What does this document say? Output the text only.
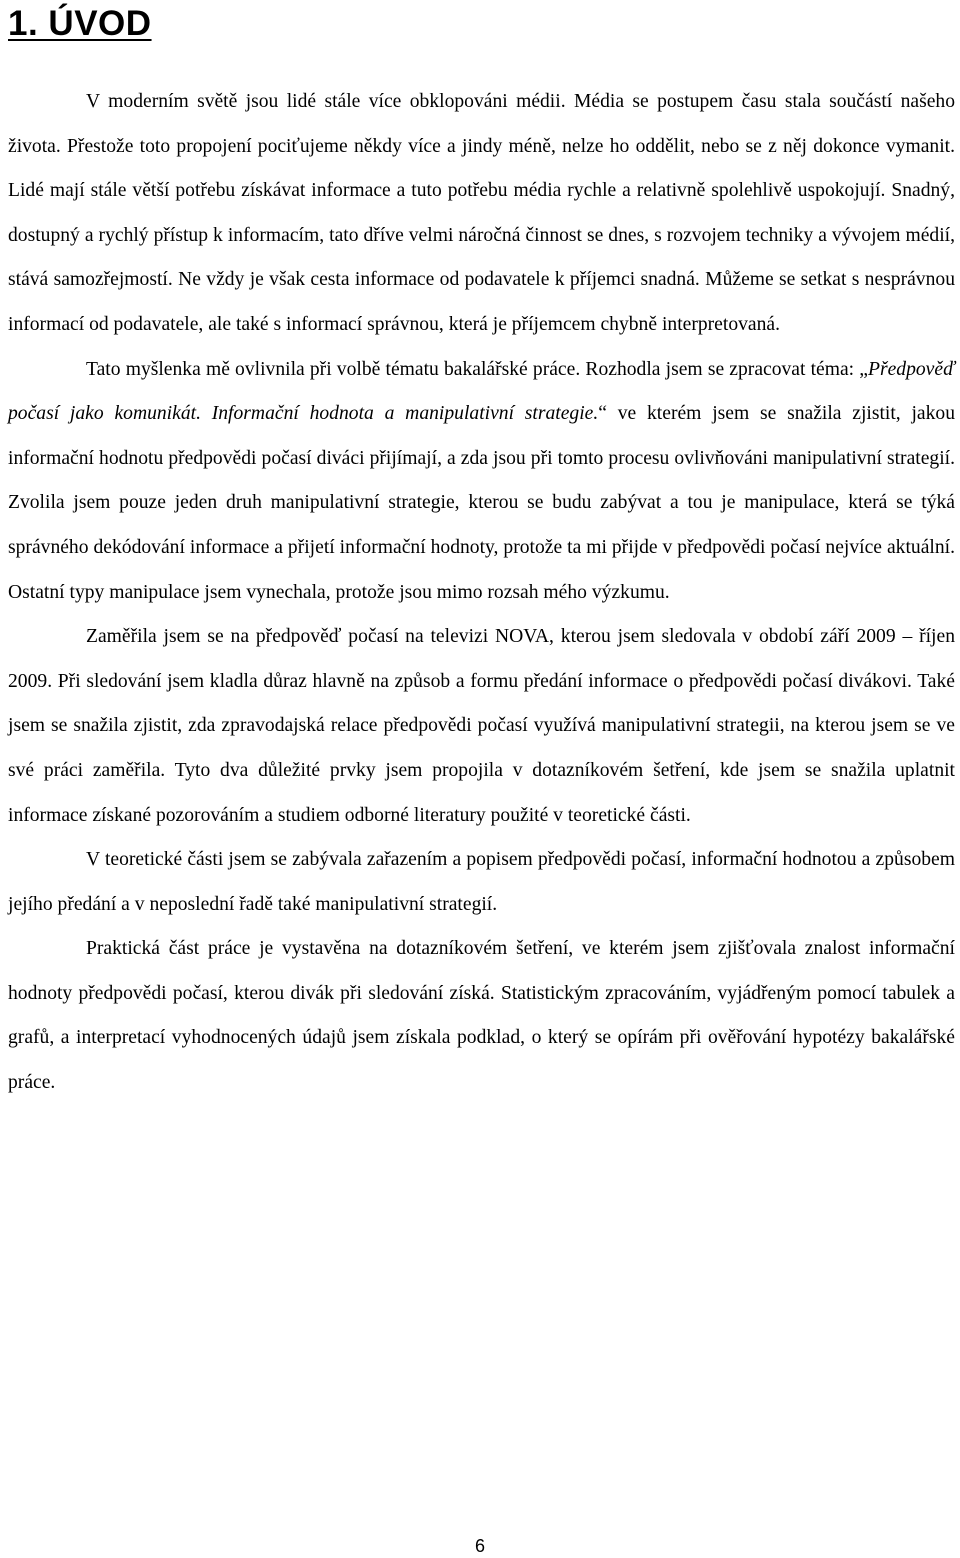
1. ÚVOD

V moderním světě jsou lidé stále více obklopováni médii. Média se postupem času stala součástí našeho života. Přestože toto propojení pociťujeme někdy více a jindy méně, nelze ho oddělit, nebo se z něj dokonce vymanit. Lidé mají stále větší potřebu získávat informace a tuto potřebu média rychle a relativně spolehlivě uspokojují. Snadný, dostupný a rychlý přístup k informacím, tato dříve velmi náročná činnost se dnes, s rozvojem techniky a vývojem médií, stává samozřejmostí. Ne vždy je však cesta informace od podavatele k příjemci snadná. Můžeme se setkat s nesprávnou informací od podavatele, ale také s informací správnou, která je příjemcem chybně interpretovaná.

Tato myšlenka mě ovlivnila při volbě tématu bakalářské práce. Rozhodla jsem se zpracovat téma: „Předpověď počasí jako komunikát. Informační hodnota a manipulativní strategie.“ ve kterém jsem se snažila zjistit, jakou informační hodnotu předpovědi počasí diváci přijímají, a zda jsou při tomto procesu ovlivňováni manipulativní strategií. Zvolila jsem pouze jeden druh manipulativní strategie, kterou se budu zabývat a tou je manipulace, která se týká správného dekódování informace a přijetí informační hodnoty, protože ta mi přijde v předpovědi počasí nejvíce aktuální. Ostatní typy manipulace jsem vynechala, protože jsou mimo rozsah mého výzkumu.

Zaměřila jsem se na předpověď počasí na televizi NOVA, kterou jsem sledovala v období září 2009 – říjen 2009. Při sledování jsem kladla důraz hlavně na způsob a formu předání informace o předpovědi počasí divákovi. Také jsem se snažila zjistit, zda zpravodajská relace předpovědi počasí využívá manipulativní strategii, na kterou jsem se ve své práci zaměřila. Tyto dva důležité prvky jsem propojila v dotazníkovém šetření, kde jsem se snažila uplatnit informace získané pozorováním a studiem odborné literatury použité v teoretické části.

V teoretické části jsem se zabývala zařazením a popisem předpovědi počasí, informační hodnotou a způsobem jejího předání a v neposlední řadě také manipulativní strategií.

Praktická část práce je vystavěna na dotazníkovém šetření, ve kterém jsem zjišťovala znalost informační hodnoty předpovědi počasí, kterou divák při sledování získá. Statistickým zpracováním, vyjádřeným pomocí tabulek a grafů, a interpretací vyhodnocených údajů jsem získala podklad, o který se opírám při ověřování hypotézy bakalářské práce.

6
